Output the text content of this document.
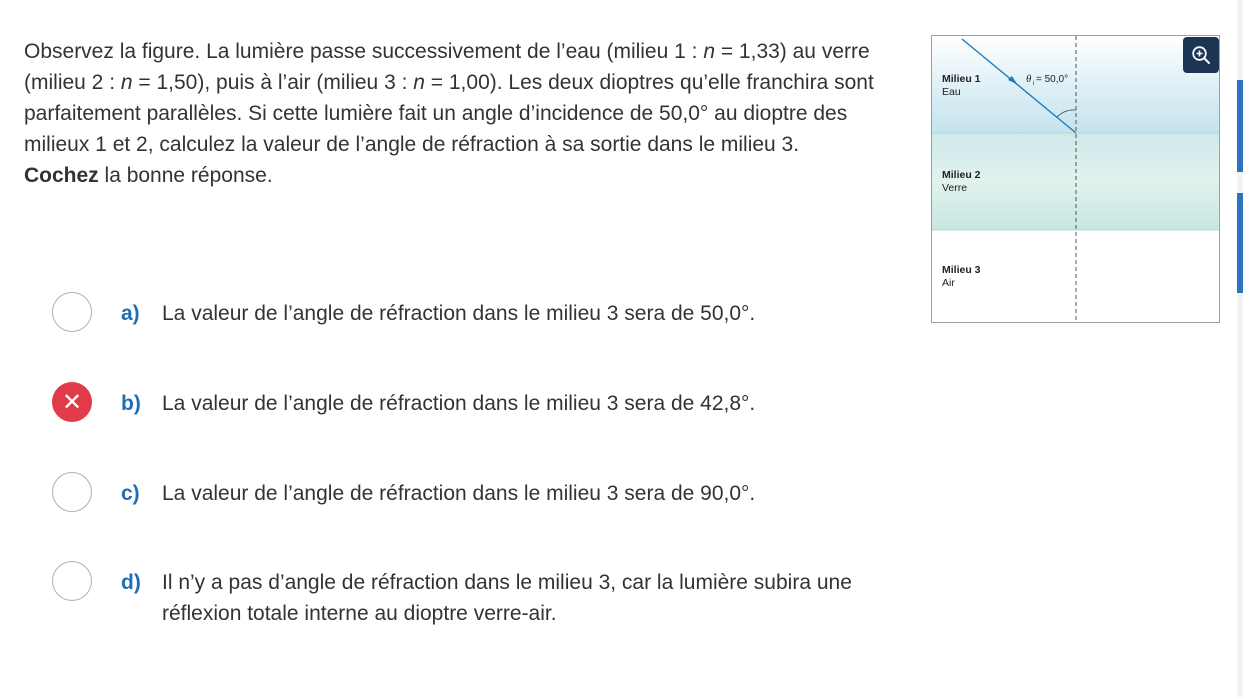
Observez la figure. La lumière passe successivement de l’eau (milieu 1 : n = 1,33) au verre (milieu 2 : n = 1,50), puis à l’air (milieu 3 : n = 1,00). Les deux dioptres qu’elle franchira sont parfaitement parallèles. Si cette lumière fait un angle d’incidence de 50,0° au dioptre des milieux 1 et 2, calculez la valeur de l’angle de réfraction à sa sortie dans le milieu 3. Cochez la bonne réponse.
a)	La valeur de l’angle de réfraction dans le milieu 3 sera de 50,0°.
✕ b)	La valeur de l’angle de réfraction dans le milieu 3 sera de 42,8°.
c)	La valeur de l’angle de réfraction dans le milieu 3 sera de 90,0°.
d)	Il n’y a pas d’angle de réfraction dans le milieu 3, car la lumière subira une réflexion totale interne au dioptre verre-air.
Milieu 1
Eau
Milieu 2
Verre
Milieu 3
Air
θ i = 50,0°
